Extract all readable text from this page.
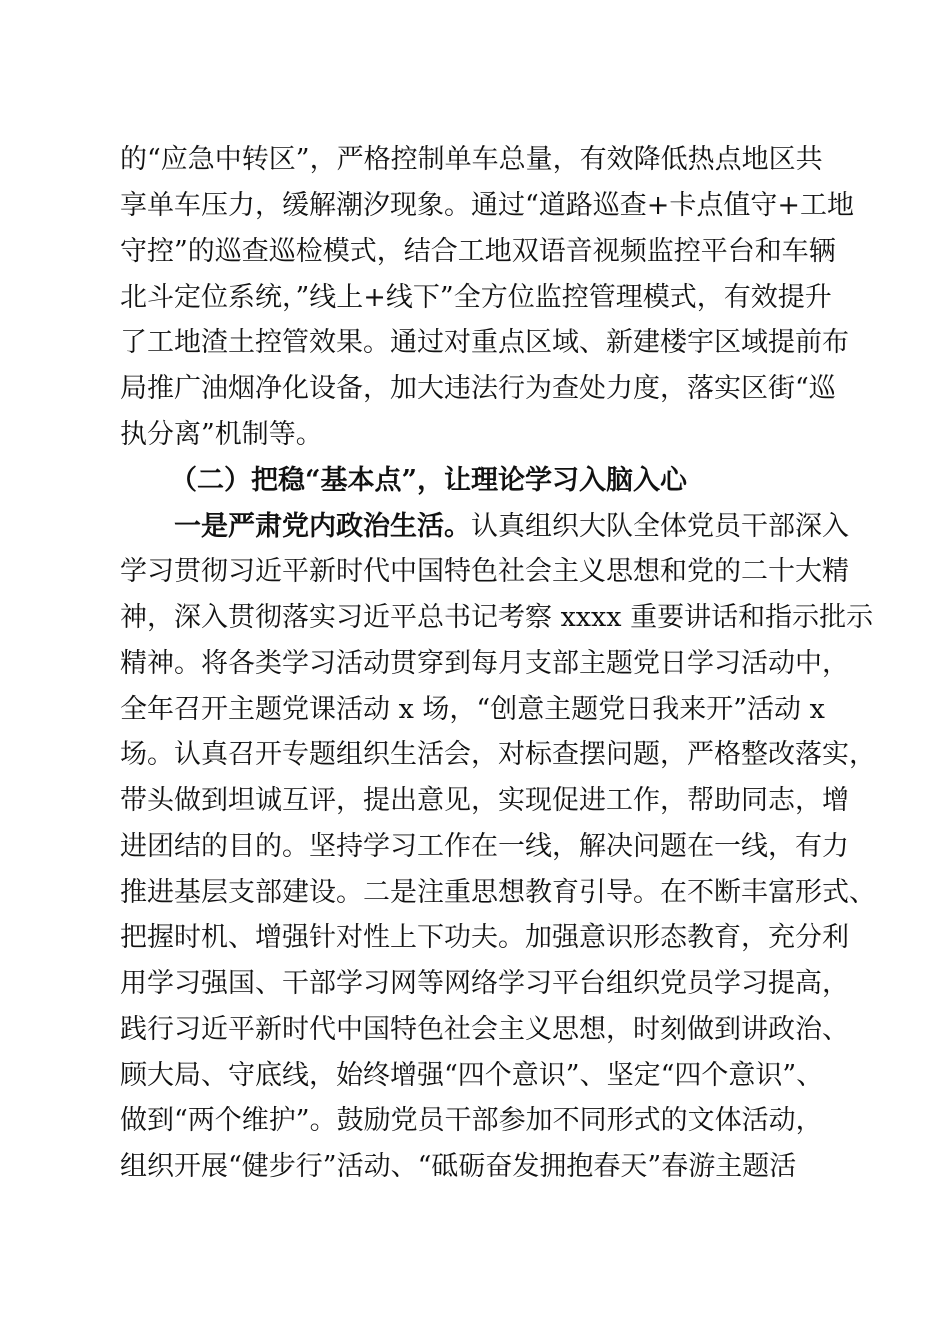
的“应急中转区”，严格控制单车总量，有效降低热点地区共
享单车压力，缓解潮汐现象。通过“道路巡查+卡点值守+工地
守控”的巡查巡检模式，结合工地双语音视频监控平台和车辆
北斗定位系统，”线上+线下”全方位监控管理模式，有效提升
了工地渣土控管效果。通过对重点区域、新建楼宇区域提前布
局推广油烟净化设备，加大违法行为查处力度，落实区街“巡
执分离”机制等。
（二）把稳“基本点”，让理论学习入脑入心
一是严肃党内政治生活。认真组织大队全体党员干部深入
学习贯彻习近平新时代中国特色社会主义思想和党的二十大精
神，深入贯彻落实习近平总书记考察 xxxx 重要讲话和指示批示
精神。将各类学习活动贯穿到每月支部主题党日学习活动中，
全年召开主题党课活动 x 场，“创意主题党日我来开”活动 x
场。认真召开专题组织生活会，对标查摆问题，严格整改落实，
带头做到坦诚互评，提出意见，实现促进工作，帮助同志，增
进团结的目的。坚持学习工作在一线，解决问题在一线，有力
推进基层支部建设。二是注重思想教育引导。在不断丰富形式、
把握时机、增强针对性上下功夫。加强意识形态教育，充分利
用学习强国、干部学习网等网络学习平台组织党员学习提高，
践行习近平新时代中国特色社会主义思想，时刻做到讲政治、
顾大局、守底线，始终增强“四个意识”、坚定“四个意识”、
做到“两个维护”。鼓励党员干部参加不同形式的文体活动，
组织开展“健步行”活动、“砥砺奋发拥抱春天”春游主题活
